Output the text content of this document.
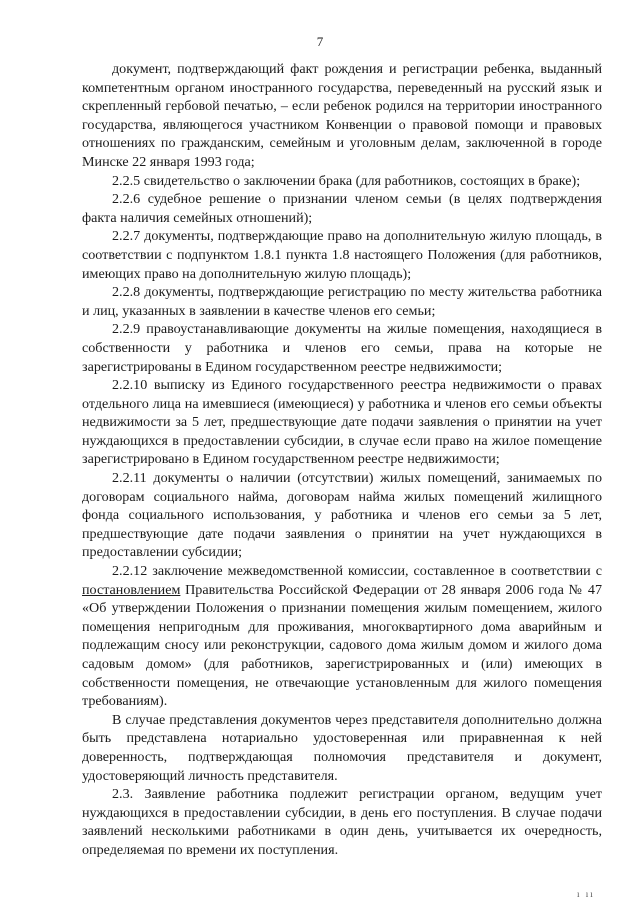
7

документ, подтверждающий факт рождения и регистрации ребенка, выданный компетентным органом иностранного государства, переведенный на русский язык и скрепленный гербовой печатью, – если ребенок родился на территории иностранного государства, являющегося участником Конвенции о правовой помощи и правовых отношениях по гражданским, семейным и уголовным делам, заключенной в городе Минске 22 января 1993 года;

2.2.5 свидетельство о заключении брака (для работников, состоящих в браке);

2.2.6 судебное решение о признании членом семьи (в целях подтверждения факта наличия семейных отношений);

2.2.7 документы, подтверждающие право на дополнительную жилую площадь, в соответствии с подпунктом 1.8.1 пункта 1.8 настоящего Положения (для работников, имеющих право на дополнительную жилую площадь);

2.2.8 документы, подтверждающие регистрацию по месту жительства работника и лиц, указанных в заявлении в качестве членов его семьи;

2.2.9 правоустанавливающие документы на жилые помещения, находящиеся в собственности у работника и членов его семьи, права на которые не зарегистрированы в Едином государственном реестре недвижимости;

2.2.10 выписку из Единого государственного реестра недвижимости о правах отдельного лица на имевшиеся (имеющиеся) у работника и членов его семьи объекты недвижимости за 5 лет, предшествующие дате подачи заявления о принятии на учет нуждающихся в предоставлении субсидии, в случае если право на жилое помещение зарегистрировано в Едином государственном реестре недвижимости;

2.2.11 документы о наличии (отсутствии) жилых помещений, занимаемых по договорам социального найма, договорам найма жилых помещений жилищного фонда социального использования, у работника и членов его семьи за 5 лет, предшествующие дате подачи заявления о принятии на учет нуждающихся в предоставлении субсидии;

2.2.12 заключение межведомственной комиссии, составленное в соответствии с постановлением Правительства Российской Федерации от 28 января 2006 года № 47 «Об утверждении Положения о признании помещения жилым помещением, жилого помещения непригодным для проживания, многоквартирного дома аварийным и подлежащим сносу или реконструкции, садового дома жилым домом и жилого дома садовым домом» (для работников, зарегистрированных и (или) имеющих в собственности помещения, не отвечающие установленным для жилого помещения требованиям).

В случае представления документов через представителя дополнительно должна быть представлена нотариально удостоверенная или приравненная к ней доверенность, подтверждающая полномочия представителя и документ, удостоверяющий личность представителя.

2.3. Заявление работника подлежит регистрации органом, ведущим учет нуждающихся в предоставлении субсидии, в день его поступления. В случае подачи заявлений несколькими работниками в один день, учитывается их очередность, определяемая по времени их поступления.

ı ıı
